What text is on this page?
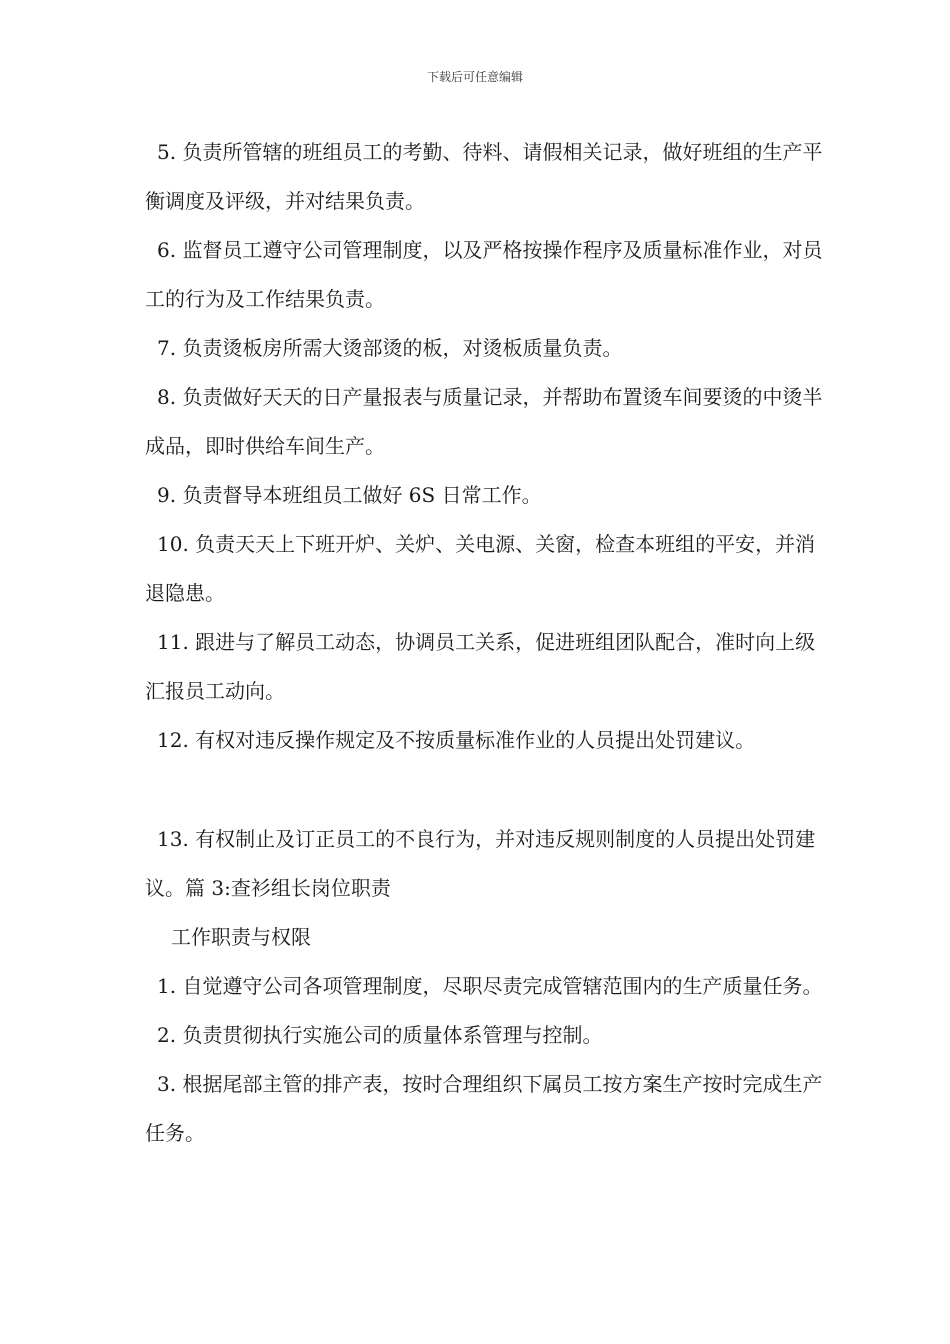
下载后可任意编辑

5. 负责所管辖的班组员工的考勤、待料、请假相关记录，做好班组的生产平衡调度及评级，并对结果负责。

6. 监督员工遵守公司管理制度，以及严格按操作程序及质量标准作业，对员工的行为及工作结果负责。

7. 负责烫板房所需大烫部烫的板，对烫板质量负责。

8. 负责做好天天的日产量报表与质量记录，并帮助布置烫车间要烫的中烫半成品，即时供给车间生产。

9. 负责督导本班组员工做好 6S 日常工作。

10. 负责天天上下班开炉、关炉、关电源、关窗，检查本班组的平安，并消退隐患。

11. 跟进与了解员工动态，协调员工关系，促进班组团队配合，准时向上级汇报员工动向。

12. 有权对违反操作规定及不按质量标准作业的人员提出处罚建议。

13. 有权制止及订正员工的不良行为，并对违反规则制度的人员提出处罚建议。篇 3:查衫组长岗位职责

工作职责与权限

1. 自觉遵守公司各项管理制度，尽职尽责完成管辖范围内的生产质量任务。

2. 负责贯彻执行实施公司的质量体系管理与控制。

3. 根据尾部主管的排产表，按时合理组织下属员工按方案生产按时完成生产任务。
